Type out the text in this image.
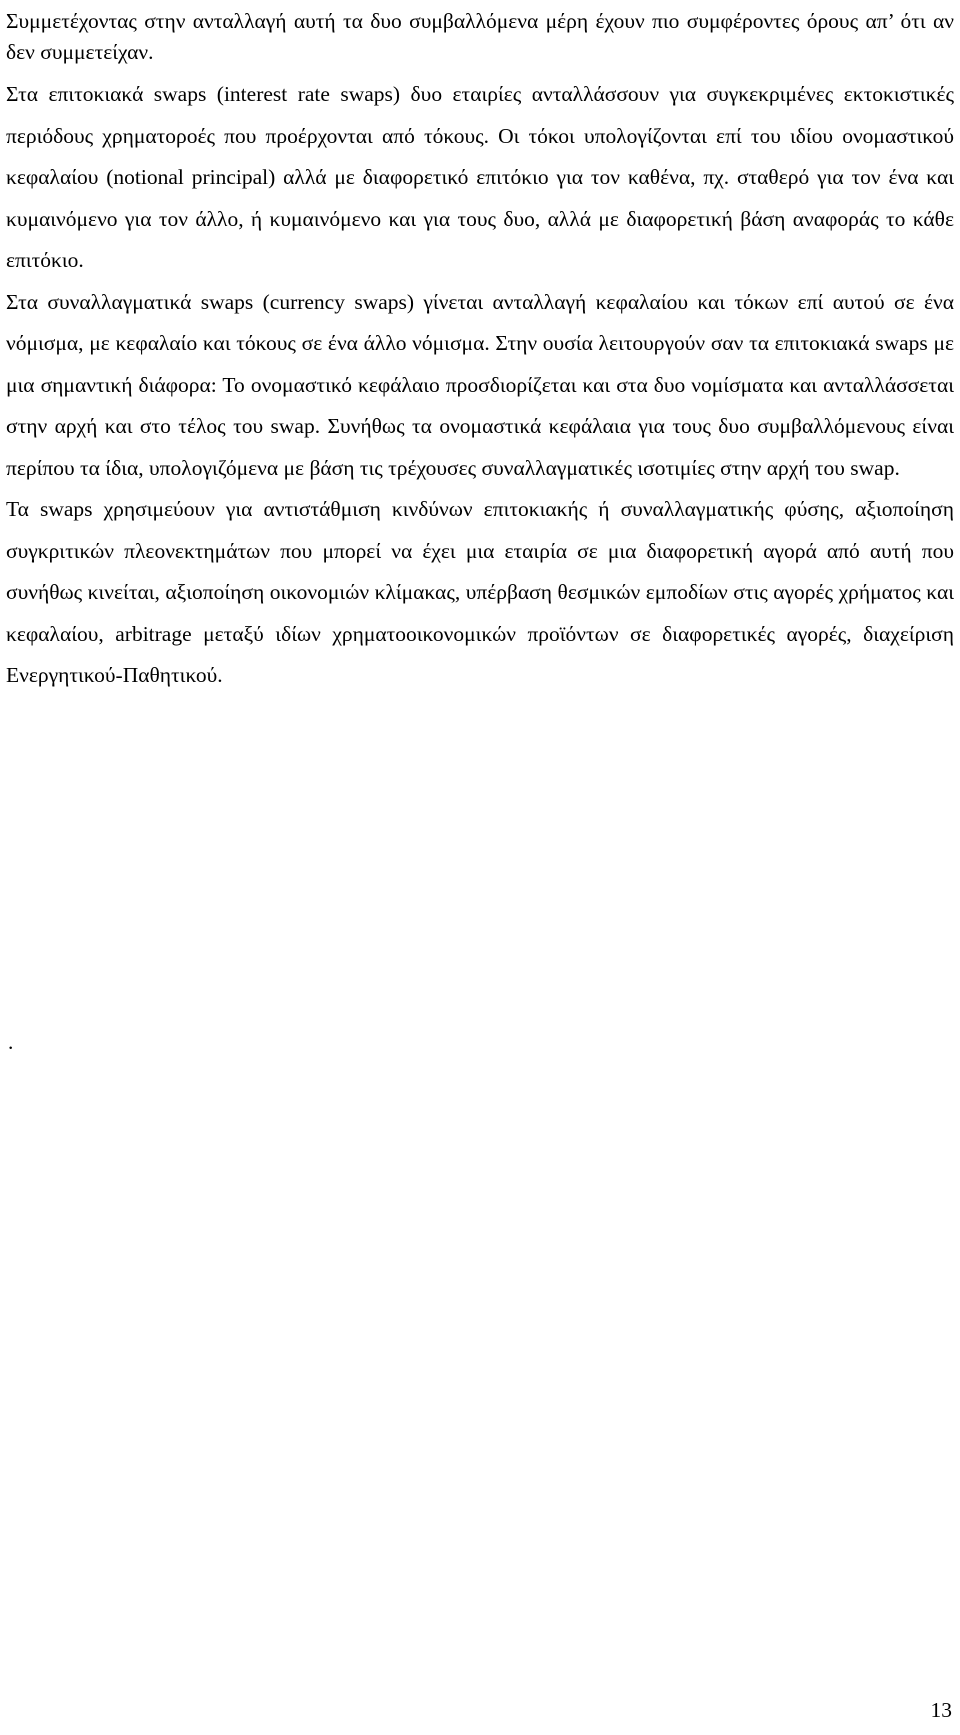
Συμμετέχοντας στην ανταλλαγή αυτή τα δυο συμβαλλόμενα μέρη έχουν πιο συμφέροντες όρους απ’ ότι αν δεν συμμετείχαν.

Στα επιτοκιακά swaps (interest rate swaps) δυο εταιρίες ανταλλάσσουν για συγκεκριμένες εκτοκιστικές περιόδους χρηματοροές που προέρχονται από τόκους. Οι τόκοι υπολογίζονται επί του ιδίου ονομαστικού κεφαλαίου (notional principal) αλλά με διαφορετικό επιτόκιο για τον καθένα, πχ. σταθερό για τον ένα και κυμαινόμενο για τον άλλο, ή κυμαινόμενο και για τους δυο, αλλά με διαφορετική βάση αναφοράς το κάθε επιτόκιο.

Στα συναλλαγματικά swaps (currency swaps) γίνεται ανταλλαγή κεφαλαίου και τόκων επί αυτού σε ένα νόμισμα, με κεφαλαίο και τόκους σε ένα άλλο νόμισμα. Στην ουσία λειτουργούν σαν τα επιτοκιακά swaps με μια σημαντική διάφορα: Το ονομαστικό κεφάλαιο προσδιορίζεται και στα δυο νομίσματα και ανταλλάσσεται στην αρχή και στο τέλος του swap. Συνήθως τα ονομαστικά κεφάλαια για τους δυο συμβαλλόμενους είναι περίπου τα ίδια, υπολογιζόμενα με βάση τις τρέχουσες συναλλαγματικές ισοτιμίες στην αρχή του swap.

Τα swaps χρησιμεύουν για αντιστάθμιση κινδύνων επιτοκιακής ή συναλλαγματικής φύσης, αξιοποίηση συγκριτικών πλεονεκτημάτων που μπορεί να έχει μια εταιρία σε μια διαφορετική αγορά από αυτή που συνήθως κινείται, αξιοποίηση οικονομιών κλίμακας, υπέρβαση θεσμικών εμποδίων στις αγορές χρήματος και κεφαλαίου, arbitrage μεταξύ ιδίων χρηματοοικονομικών προϊόντων σε διαφορετικές αγορές, διαχείριση Ενεργητικού-Παθητικού.

.
13
